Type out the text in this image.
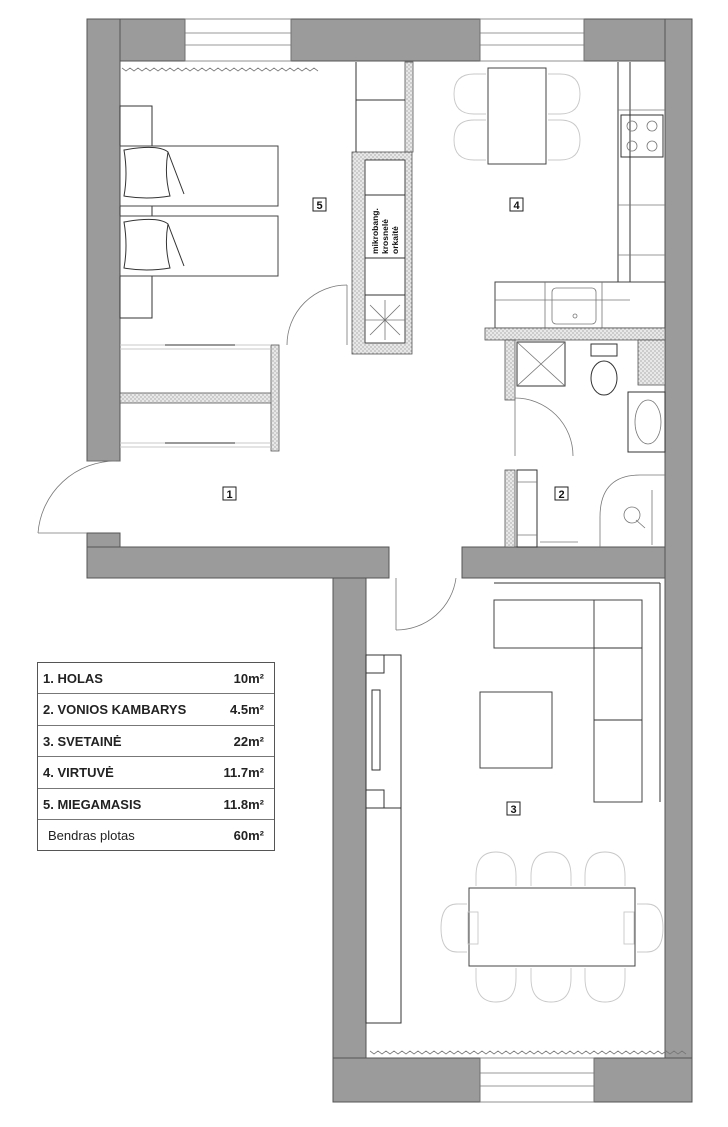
mikrobang. krosnelė orkaitė
5	4
1	2
3
1. HOLAS	10m²
2. VONIOS KAMBARYS	4.5m²
3. SVETAINĖ	22m²
4. VIRTUVĖ	11.7m²
5. MIEGAMASIS	11.8m²
Bendras plotas	60m²
